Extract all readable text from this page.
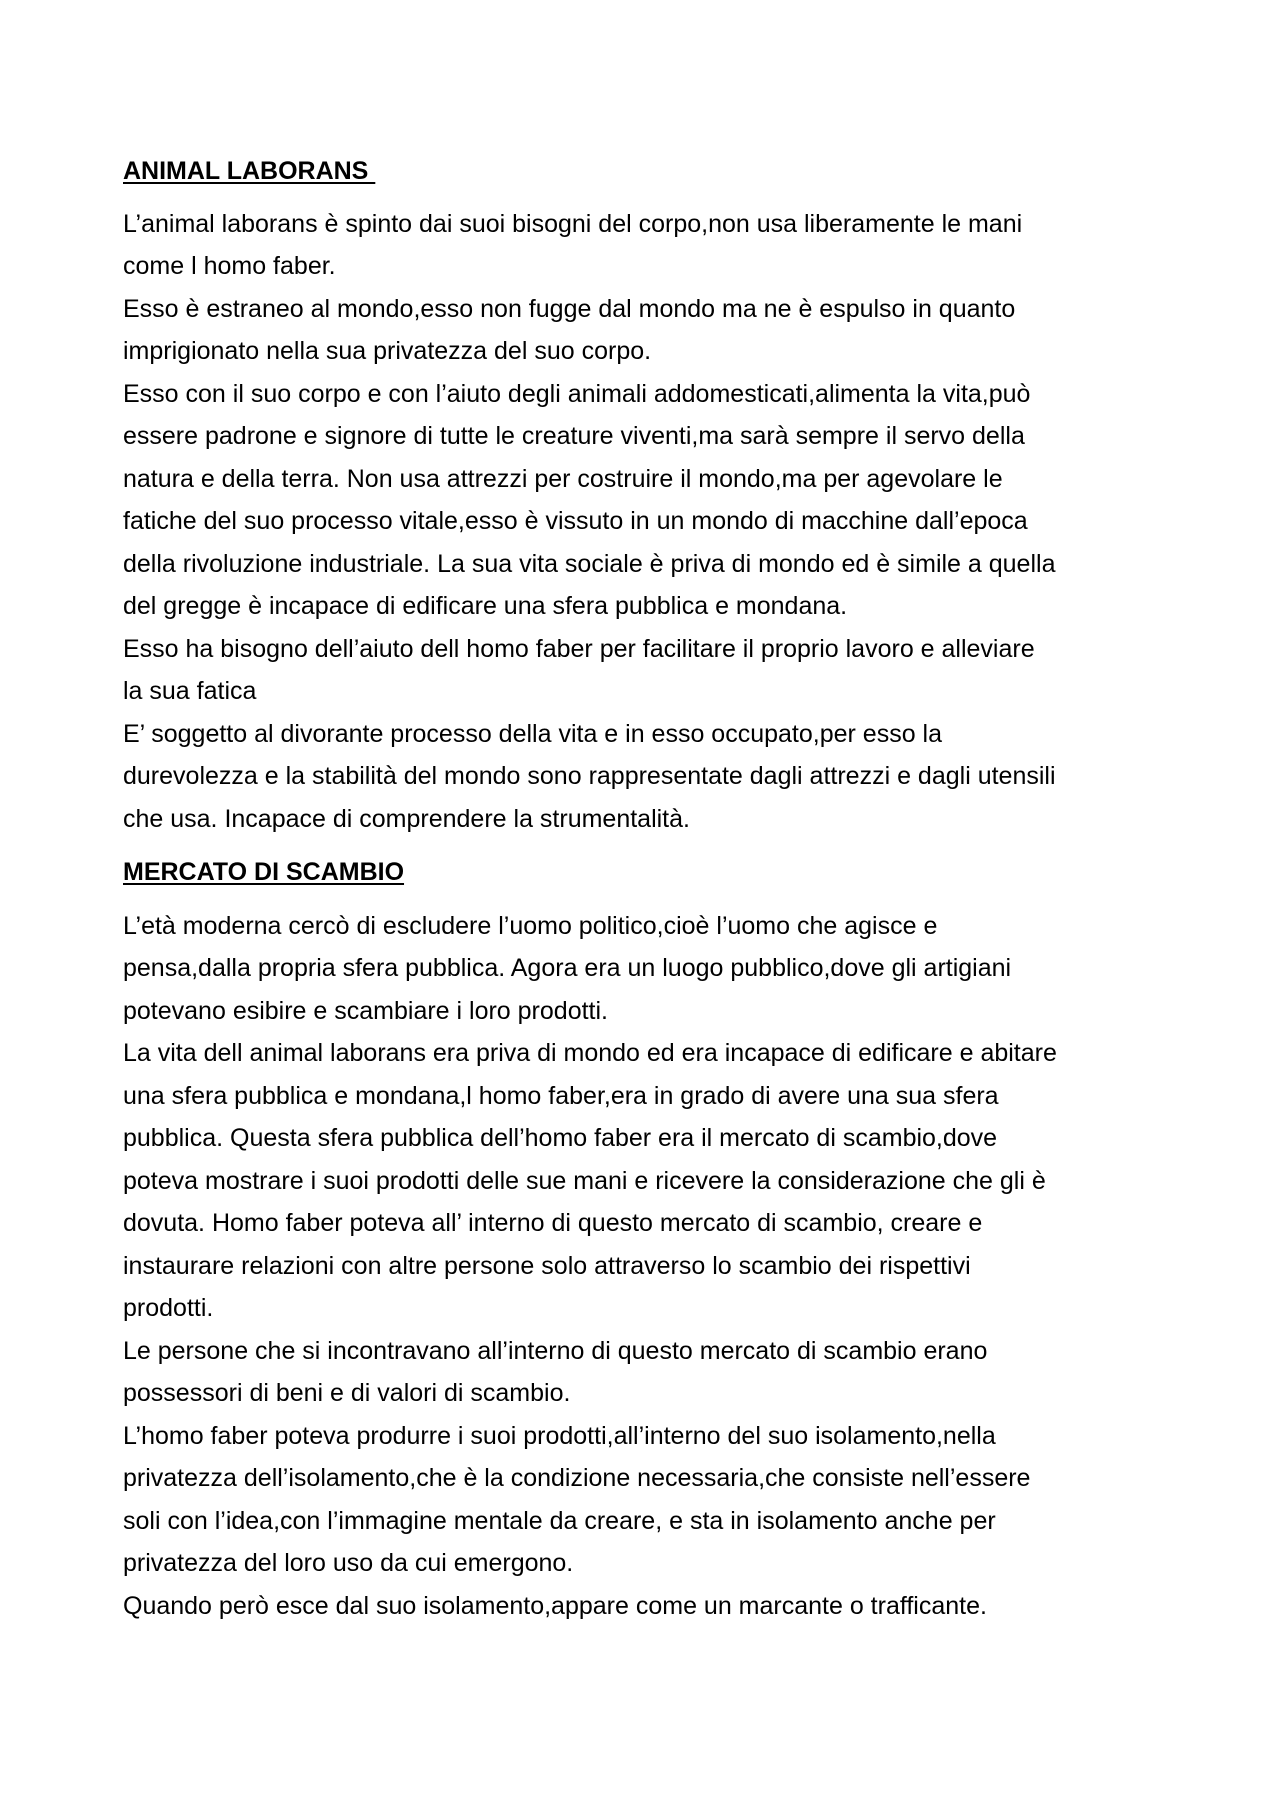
ANIMAL LABORANS

L’animal laborans è spinto dai suoi bisogni del corpo,non usa liberamente le mani

come l homo faber.

Esso è estraneo al mondo,esso non fugge dal mondo ma ne è espulso in quanto

imprigionato nella sua privatezza del suo corpo.

Esso con il suo corpo e con l’aiuto degli animali addomesticati,alimenta la vita,può

essere padrone e signore di tutte le creature viventi,ma sarà sempre il servo della

natura e della terra. Non usa attrezzi per costruire il mondo,ma per agevolare le

fatiche del suo processo vitale,esso è vissuto in un mondo di macchine dall’epoca

della rivoluzione industriale. La sua vita sociale è priva di mondo ed è simile a quella

del gregge è incapace di edificare una sfera pubblica e mondana.

Esso ha bisogno dell’aiuto dell homo faber per facilitare il proprio lavoro e alleviare

la sua fatica

E’ soggetto al divorante processo della vita e in esso occupato,per esso la

durevolezza e la stabilità del mondo sono rappresentate dagli attrezzi e dagli utensili

che usa. Incapace di comprendere la strumentalità.

MERCATO DI SCAMBIO

L’età moderna cercò di escludere l’uomo politico,cioè l’uomo che agisce e

pensa,dalla propria sfera pubblica. Agora era un luogo pubblico,dove gli artigiani

potevano esibire e scambiare i loro prodotti.

La vita dell animal laborans era priva di mondo ed era incapace di edificare e abitare

una sfera pubblica e mondana,l homo faber,era in grado di avere una sua sfera

pubblica. Questa sfera pubblica dell’homo faber era il mercato di scambio,dove

poteva mostrare i suoi prodotti delle sue mani e ricevere la considerazione che gli è

dovuta. Homo faber poteva all’ interno di questo mercato di scambio, creare e

instaurare relazioni con altre persone solo attraverso lo scambio dei rispettivi

prodotti.

Le persone che si incontravano all’interno di questo mercato di scambio erano

possessori di beni e di valori di scambio.

L’homo faber poteva produrre i suoi prodotti,all’interno del suo isolamento,nella

privatezza dell’isolamento,che è la condizione necessaria,che consiste nell’essere

soli con l’idea,con l’immagine mentale da creare, e sta in isolamento anche per

privatezza del loro uso da cui emergono.

Quando però esce dal suo isolamento,appare come un marcante o trafficante.
